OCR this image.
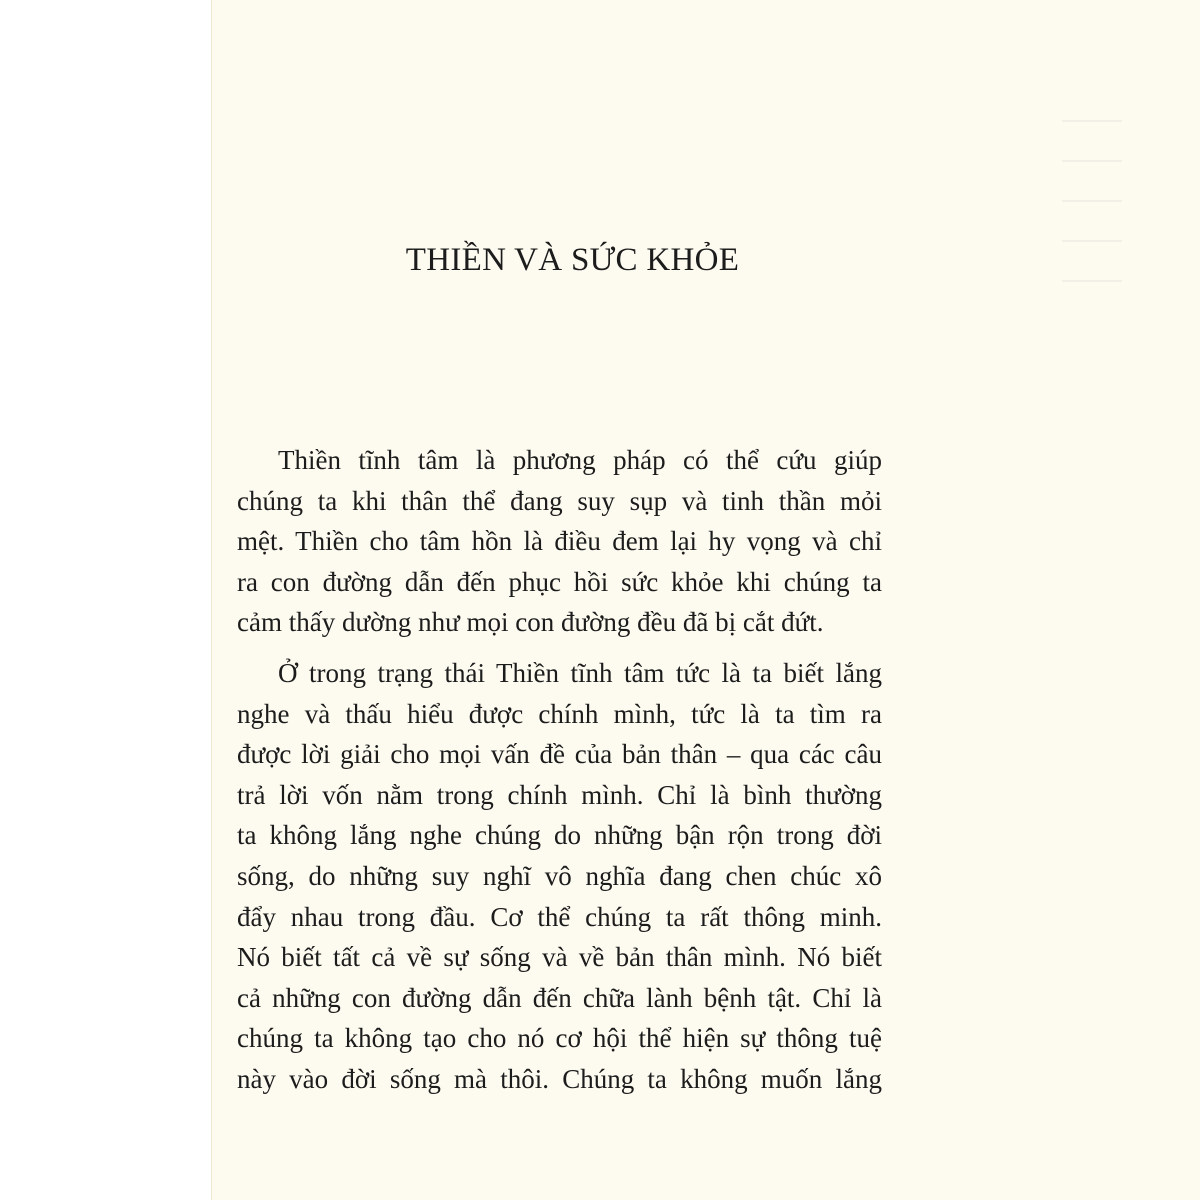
THIỀN VÀ SỨC KHỎE
Thiền tĩnh tâm là phương pháp có thể cứu giúp
chúng ta khi thân thể đang suy sụp và tinh thần mỏi
mệt. Thiền cho tâm hồn là điều đem lại hy vọng và chỉ
ra con đường dẫn đến phục hồi sức khỏe khi chúng ta
cảm thấy dường như mọi con đường đều đã bị cắt đứt.
Ở trong trạng thái Thiền tĩnh tâm tức là ta biết lắng
nghe và thấu hiểu được chính mình, tức là ta tìm ra
được lời giải cho mọi vấn đề của bản thân – qua các câu
trả lời vốn nằm trong chính mình. Chỉ là bình thường
ta không lắng nghe chúng do những bận rộn trong đời
sống, do những suy nghĩ vô nghĩa đang chen chúc xô
đẩy nhau trong đầu. Cơ thể chúng ta rất thông minh.
Nó biết tất cả về sự sống và về bản thân mình. Nó biết
cả những con đường dẫn đến chữa lành bệnh tật. Chỉ là
chúng ta không tạo cho nó cơ hội thể hiện sự thông tuệ
này vào đời sống mà thôi. Chúng ta không muốn lắng
